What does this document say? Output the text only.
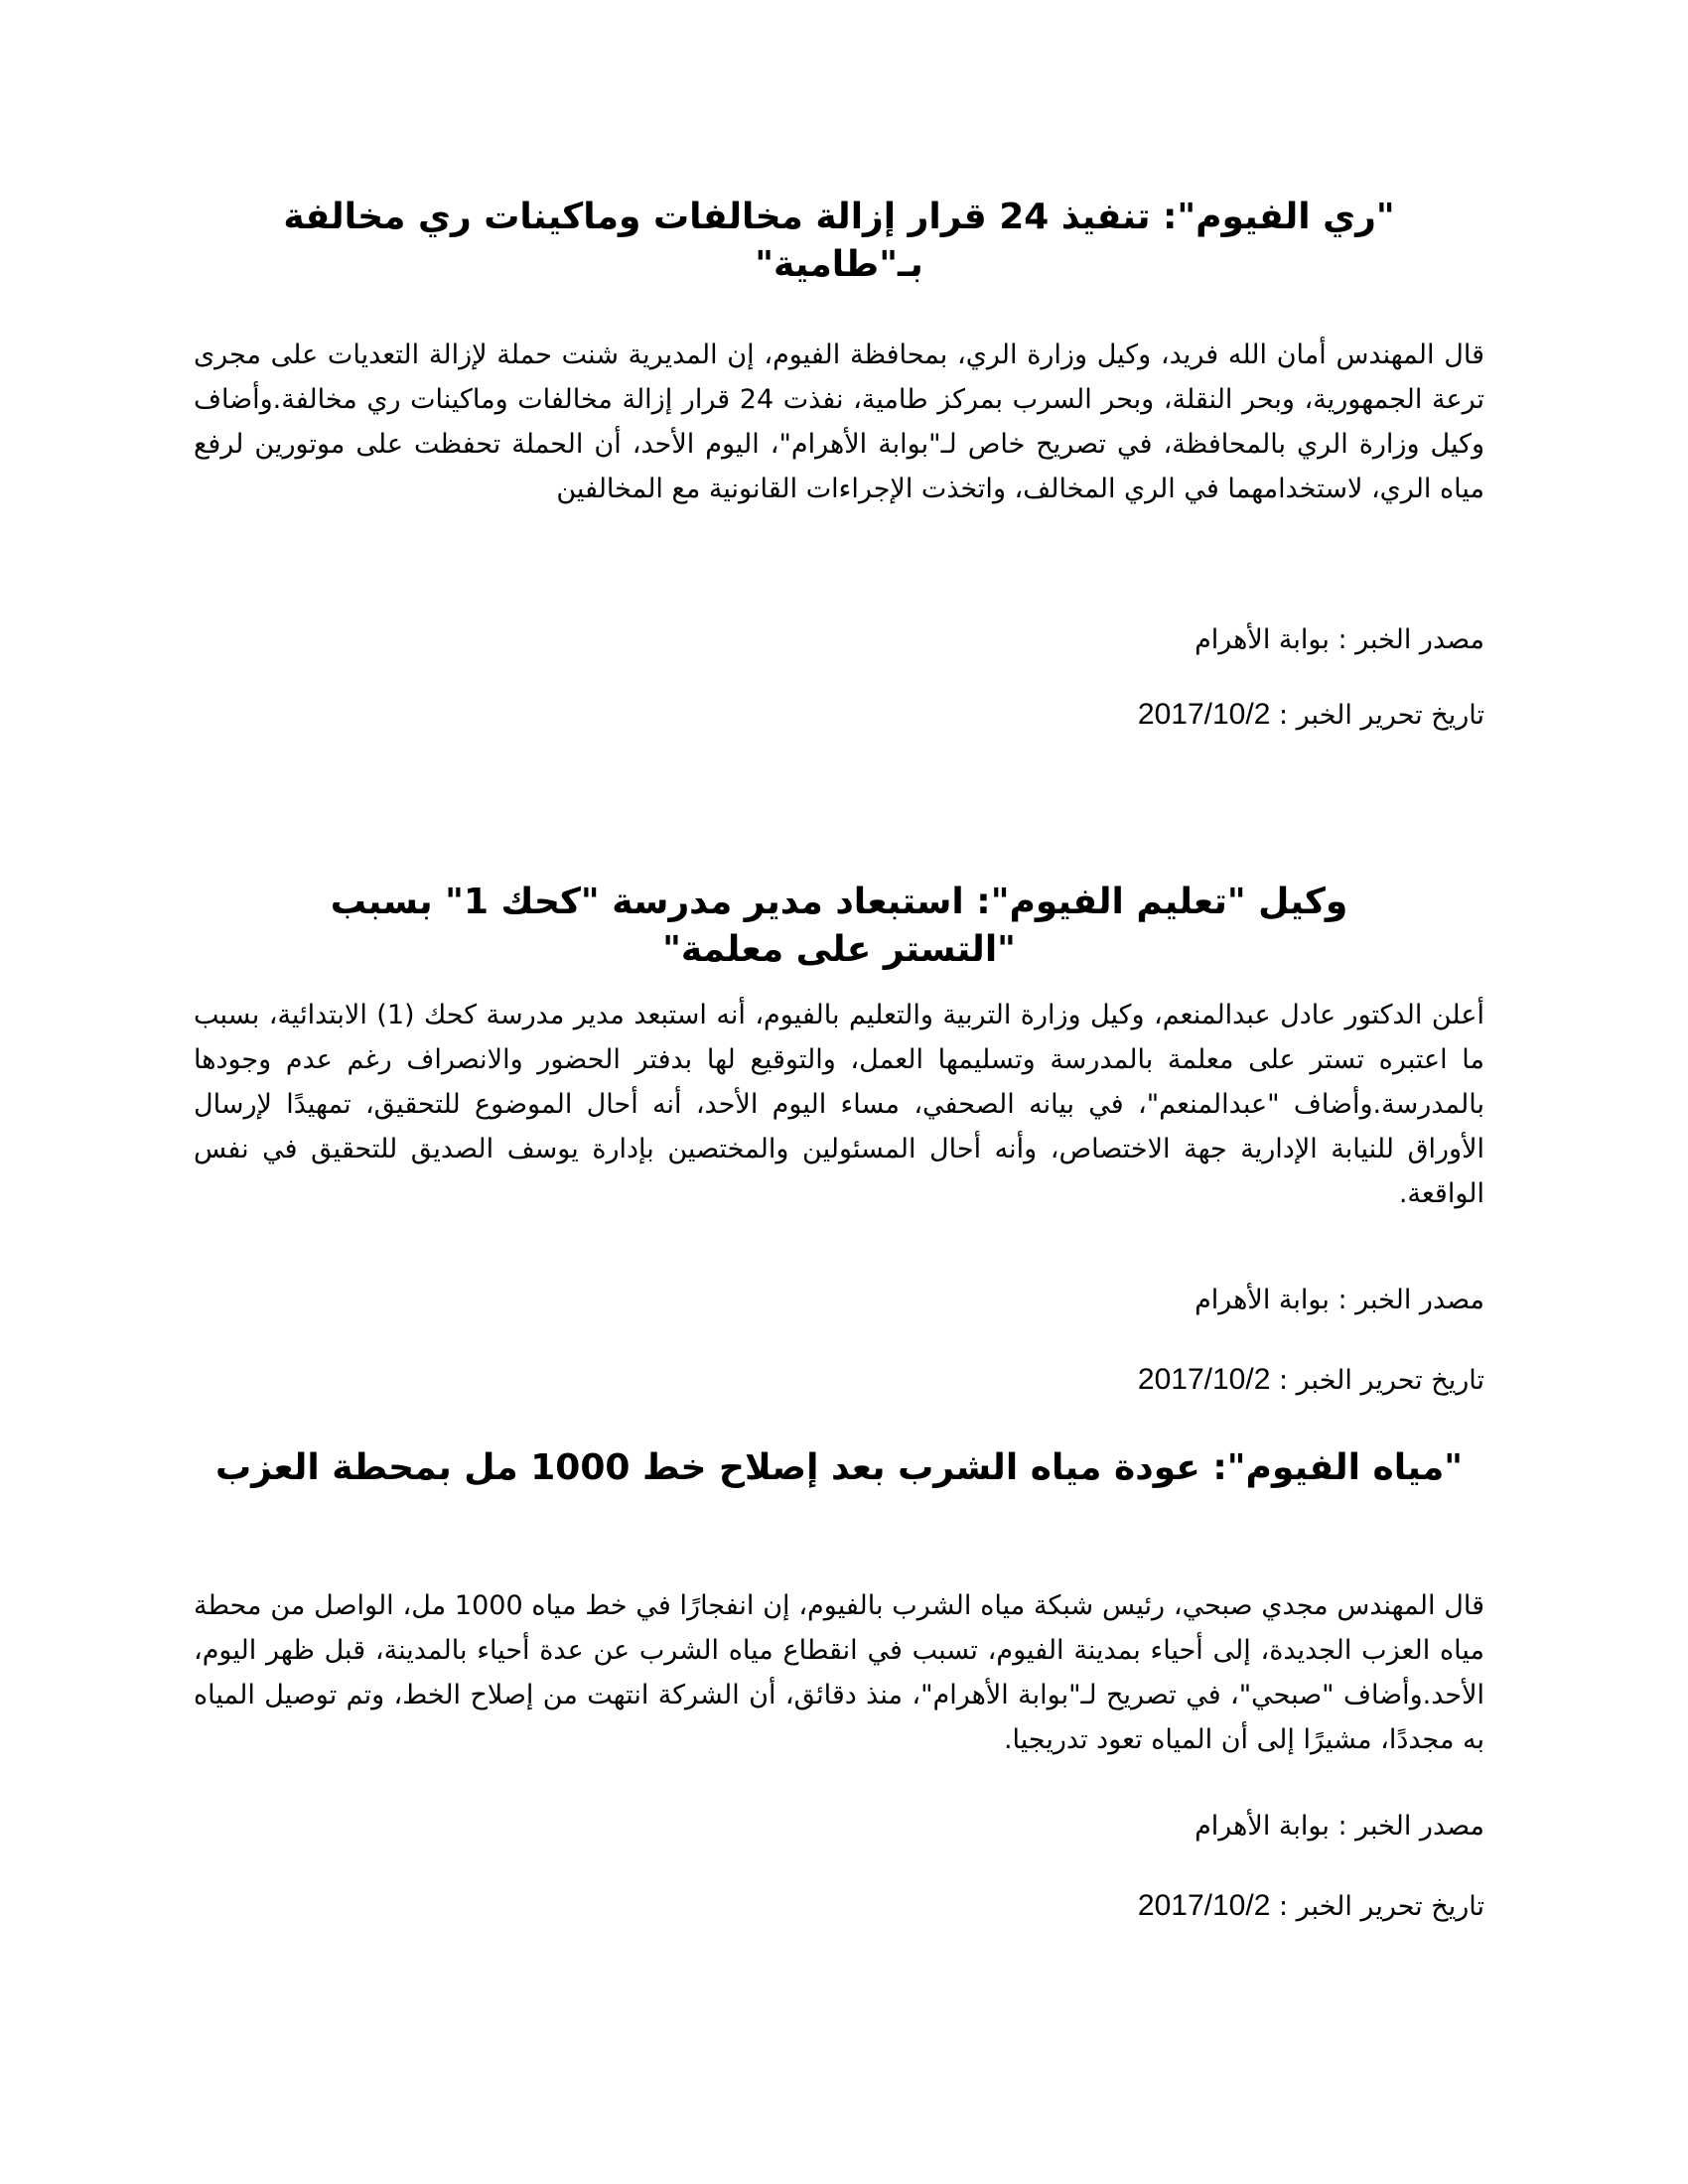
"ري الفيوم": تنفيذ 24 قرار إزالة مخالفات وماكينات ري مخالفة بـ"طامية"

قال المهندس أمان الله فريد، وكيل وزارة الري، بمحافظة الفيوم، إن المديرية شنت حملة لإزالة التعديات على مجرى ترعة الجمهورية، وبحر النقلة، وبحر السرب بمركز طامية، نفذت 24 قرار إزالة مخالفات وماكينات ري مخالفة.وأضاف وكيل وزارة الري بالمحافظة، في تصريح خاص لـ"بوابة الأهرام"، اليوم الأحد، أن الحملة تحفظت على موتورين لرفع مياه الري، لاستخدامهما في الري المخالف، واتخذت الإجراءات القانونية مع المخالفين

مصدر الخبر : بوابة الأهرام

تاريخ تحرير الخبر : 2017/10/2

وكيل "تعليم الفيوم": استبعاد مدير مدرسة "كحك 1" بسبب "التستر على معلمة"

أعلن الدكتور عادل عبدالمنعم، وكيل وزارة التربية والتعليم بالفيوم، أنه استبعد مدير مدرسة كحك (1) الابتدائية، بسبب ما اعتبره تستر على معلمة بالمدرسة وتسليمها العمل، والتوقيع لها بدفتر الحضور والانصراف رغم عدم وجودها بالمدرسة.وأضاف "عبدالمنعم"، في بيانه الصحفي، مساء اليوم الأحد، أنه أحال الموضوع للتحقيق، تمهيدًا لإرسال الأوراق للنيابة الإدارية جهة الاختصاص، وأنه أحال المسئولين والمختصين بإدارة يوسف الصديق للتحقيق في نفس الواقعة.

مصدر الخبر : بوابة الأهرام

تاريخ تحرير الخبر : 2017/10/2

"مياه الفيوم": عودة مياه الشرب بعد إصلاح خط 1000 مل بمحطة العزب

قال المهندس مجدي صبحي، رئيس شبكة مياه الشرب بالفيوم، إن انفجارًا في خط مياه 1000 مل، الواصل من محطة مياه العزب الجديدة، إلى أحياء بمدينة الفيوم، تسبب في انقطاع مياه الشرب عن عدة أحياء بالمدينة، قبل ظهر اليوم، الأحد.وأضاف "صبحي"، في تصريح لـ"بوابة الأهرام"، منذ دقائق، أن الشركة انتهت من إصلاح الخط، وتم توصيل المياه به مجددًا، مشيرًا إلى أن المياه تعود تدريجيا.

مصدر الخبر : بوابة الأهرام

تاريخ تحرير الخبر : 2017/10/2
